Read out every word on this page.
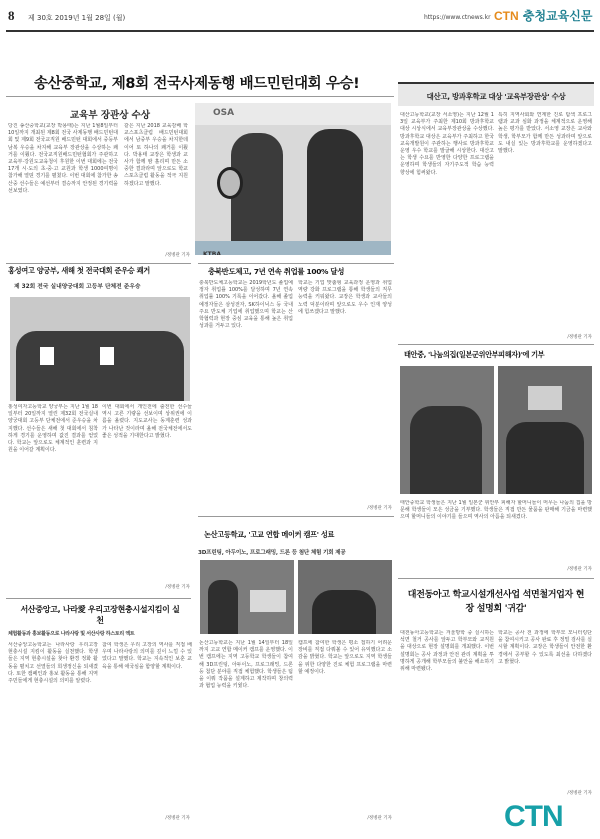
8 제 30호 2019년 1월 28일 (월)	https://www.ctnews.kr CTN 충청교육신문
송산중학교, 제8회 전국사제동행 배드민턴대회 우승!
교육부 장관상 수상
당진 송산중학교(교장 박용태)는 지난 1월8일부터 10일까지 개최된 제8회 전국 사제동행 배드민턴대회 및 제9회 전국교직원 배드민턴 대회에서 중등부 남복 우승을 차지해 교육부 장관상을 수상하는 쾌거를 이뤘다. 전국교직원배드민턴협회가 주관하고 교육부·강원도교육청이 후원한 이번 대회에는 전국 17개 시·도의 초·중·고 교원과 학생 1000여명이 참가해 열띤 경기를 펼쳤다. 이번 대회에 참가한 송산중 선수들은 예선부터 결승까지 안정된 경기력을 선보였다.
같은 지난 2018 교육감배 학교스포츠클럽 배드민턴대회에서 남중부 우승을 차지한데 이어 또 하나의 쾌거를 이뤘다. 박용태 교장은 학생과 교사가 함께 땀 흘리며 만든 소중한 결과라며 앞으로도 학교스포츠클럽 활동을 적극 지원하겠다고 말했다.
/정병관 기자
OSA
KTBA
홍성여고 양궁부, 새해 첫 전국대회 준우승 쾌거
제 32회 전국 실내양궁대회 고등부 단체전 준우승
홍성여자고등학교 양궁부는 지난 1월 18일부터 20일까지 열린 제32회 전국실내양궁대회 고등부 단체전에서 준우승을 차지했다. 선수들은 새해 첫 대회에서 침착하게 경기를 운영하며 값진 결과를 얻었다. 학교는 앞으로도 체계적인 훈련과 지원을 이어갈 계획이다.
이번 대회에서 개인전에 출전한 선수들 역시 고른 기량을 선보이며 상위권에 이름을 올렸다. 지도교사는 동계훈련 성과가 나타난 것이라며 올해 전국체전에서도 좋은 성적을 기대한다고 밝혔다.
/정병관 기자
충북반도체고, 7년 연속 취업률 100% 달성
충북반도체고등학교는 2019학년도 졸업예정자 취업률 100%를 달성하며 7년 연속 취업률 100% 기록을 이어갔다. 올해 졸업예정자들은 삼성전자, SK하이닉스 등 국내 주요 반도체 기업에 취업했으며 학교는 산학협력과 현장 중심 교육을 통해 높은 취업 성과를 거두고 있다.
학교는 기업 맞춤형 교육과정 운영과 취업 역량 강화 프로그램을 통해 학생들의 직무 능력을 키워왔다. 교장은 학생과 교사들의 노력 덕분이라며 앞으로도 우수 인재 양성에 힘쓰겠다고 말했다.
/정병관 기자
논산고등학교, '고교 연합 메이커 캠프' 성료
3D프린팅, 아두이노, 프로그래밍, 드론 등 첨단 체험 기회 제공
논산고등학교는 지난 1월 14일부터 18일까지 고교 연합 메이커 캠프를 운영했다. 이번 캠프에는 지역 고등학교 학생들이 참여해 3D프린팅, 아두이노, 프로그래밍, 드론 등 첨단 분야를 직접 체험했다. 학생들은 팀을 이뤄 작품을 설계하고 제작하며 창의력과 협업 능력을 키웠다.
캠프에 참여한 학생은 평소 접하기 어려운 장비를 직접 다뤄볼 수 있어 유익했다고 소감을 밝혔다. 학교는 앞으로도 지역 학생들을 위한 다양한 진로 체험 프로그램을 마련할 예정이다.
/정병관 기자
서산중앙고, 나라愛 우리고장현충시설지킴이 실천
체험활동과 홍보활동으로 나라사랑 및 서산사랑 하스토리 엑트
서산중앙고등학교는 나라사랑 우리고장 현충시설 지킴이 활동을 실천했다. 학생들은 지역 현충시설을 찾아 환경 정화 활동을 펼치고 선열들의 희생정신을 되새겼다. 또한 캠페인과 홍보 활동을 통해 지역 주민들에게 현충시설의 의미를 알렸다.
참여 학생은 우리 고장의 역사를 직접 배우며 나라사랑의 의미를 깊이 느낄 수 있었다고 말했다. 학교는 지속적인 보훈 교육을 통해 애국심을 함양할 계획이다.
/정병관 기자
대산고, 방과후학교 대상 '교육부장관상' 수상
대산고등학교(교장 서소영)는 지난 12월 13일 교육부가 주최한 제10회 방과후학교 대상 시상식에서 교육부장관상을 수상했다. 방과후학교 대상은 교육부가 주최하고 한국교육개발원이 주관하는 행사로 방과후학교 운영 우수 학교를 발굴해 시상한다. 대산고는 학생 수요를 반영한 다양한 프로그램을 운영하며 학생들의 자기주도적 학습 능력 향상에 힘써왔다.
특히 지역사회와 연계한 진로 탐색 프로그램과 교과 심화 과정을 체계적으로 운영해 높은 평가를 받았다. 서소영 교장은 교사와 학생, 학부모가 함께 만든 성과라며 앞으로도 내실 있는 방과후학교를 운영하겠다고 말했다.
/정병관 기자
태안중, '나눔의집(일본군위안부피해자)'에 기부
태안중학교 학생들은 지난 1월 일본군 위안부 피해자 할머니들이 머무는 나눔의 집을 방문해 학생들이 모은 성금을 기부했다. 학생들은 직접 만든 물품을 판매해 기금을 마련했으며 할머니들의 이야기를 들으며 역사의 아픔을 되새겼다.
/정병관 기자
대전동아고 학교시설개선사업 석면철거업자 현장 설명회 '귀감'
대전동아고등학교는 겨울방학 중 실시하는 석면 철거 공사를 앞두고 학부모와 교직원을 대상으로 현장 설명회를 개최했다. 이번 설명회는 공사 과정과 안전 관리 계획을 투명하게 공개해 학부모들의 불안을 해소하기 위해 마련됐다.
학교는 공사 전 과정에 학부모 모니터링단을 참여시키고 공사 완료 후 정밀 검사를 실시할 계획이다. 교장은 학생들이 안전한 환경에서 공부할 수 있도록 최선을 다하겠다고 밝혔다.
/정병관 기자
CTN
